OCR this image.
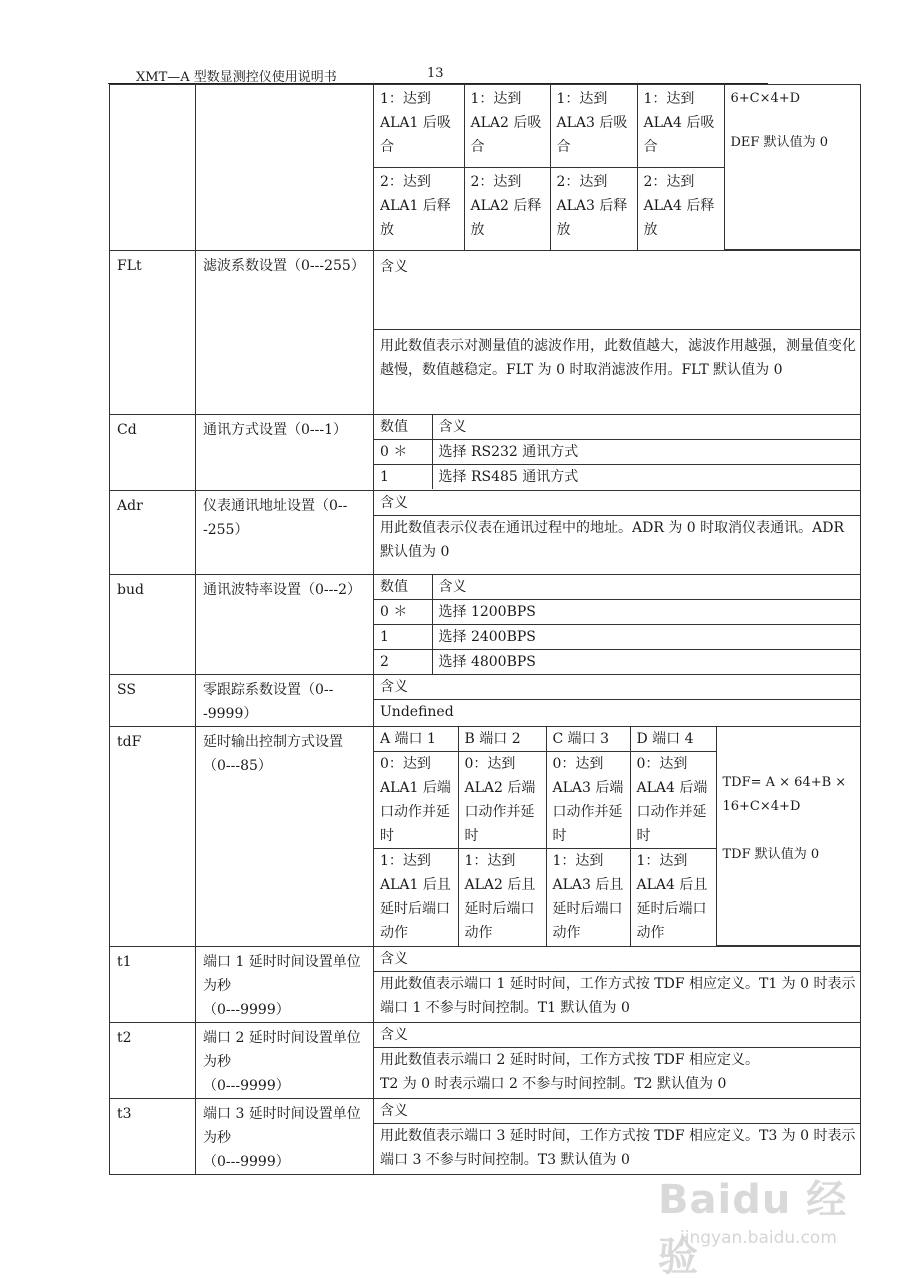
XMT—A 型数显测控仪使用说明书	13

1：达到 ALA1 后吸合	1：达到 ALA2 后吸合	1：达到 ALA3 后吸合	1：达到 ALA4 后吸合	
6+C×4+D
DEF 默认值为 0

2：达到 ALA1 后释放	2：达到 ALA2 后释放	2：达到 ALA3 后释放	2：达到 ALA4 后释放

FLt	滤波系数设置（0---255）	含义
用此数值表示对测量值的滤波作用，此数值越大，滤波作用越强，测量值变化越慢，数值越稳定。FLT 为 0 时取消滤波作用。FLT 默认值为 0

Cd	通讯方式设置（0---1）	数值	含义
0 ＊	选择 RS232 通讯方式
1	选择 RS485 通讯方式

Adr	仪表通讯地址设置（0---255）	
含义
用此数值表示仪表在通讯过程中的地址。ADR 为 0 时取消仪表通讯。ADR 默认值为 0

bud	通讯波特率设置（0---2）	数值	含义
0 ＊	选择 1200BPS
1	选择 2400BPS
2	选择 4800BPS

SS	零跟踪系数设置（0---9999）	
含义
Undefined

tdF	延时输出控制方式设置（0---85）	
A 端口 1	B 端口 2	C 端口 3	D 端口 4	
TDF= A × 64+B × 16+C×4+D
TDF 默认值为 0

0：达到 ALA1 后端口动作并延时	0：达到 ALA2 后端口动作并延时	0：达到 ALA3 后端口动作并延时	0：达到 ALA4 后端口动作并延时
1：达到 ALA1 后且延时后端口动作	1：达到 ALA2 后且延时后端口动作	1：达到 ALA3 后且延时后端口动作	1：达到 ALA4 后且延时后端口动作

t1	端口 1 延时时间设置单位为秒
（0---9999）

含义
用此数值表示端口 1 延时时间，工作方式按 TDF 相应定义。T1 为 0 时表示端口 1 不参与时间控制。T1 默认值为 0

t2	端口 2 延时时间设置单位为秒
（0---9999）

含义

用此数值表示端口 2 延时时间，工作方式按 TDF 相应定义。
T2 为 0 时表示端口 2 不参与时间控制。T2 默认值为 0

t3	端口 3 延时时间设置单位为秒
（0---9999）

含义
用此数值表示端口 3 延时时间，工作方式按 TDF 相应定义。T3 为 0 时表示端口 3 不参与时间控制。T3 默认值为 0
Baidu 经验
jingyan.baidu.com
